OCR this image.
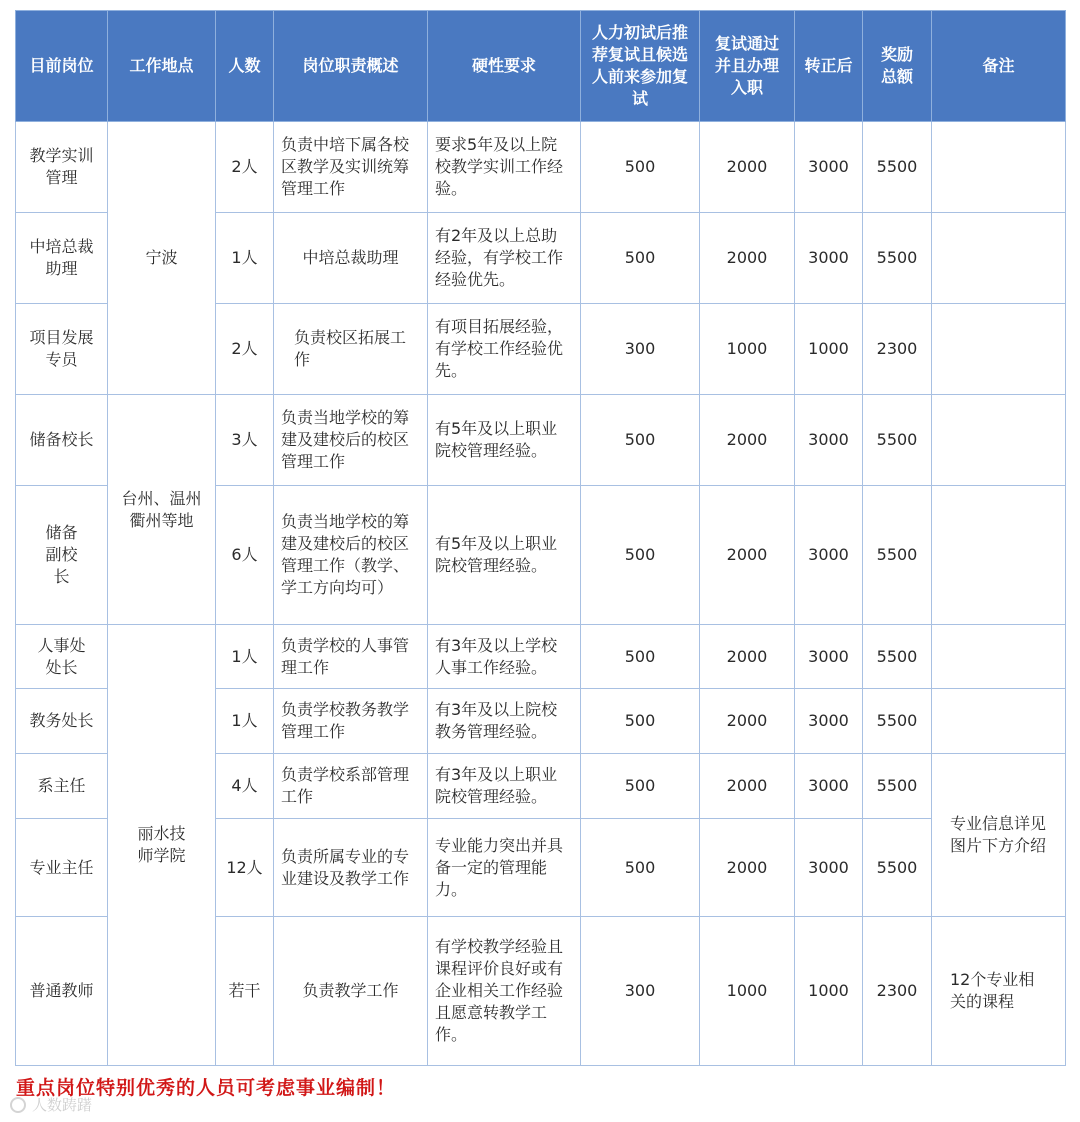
目前岗位	工作地点	人数	岗位职责概述	硬性要求	人力初试后推荐复试且候选人前来参加复试	复试通过并且办理入职	转正后	奖励总额	备注
教学实训管理	宁波	2人	负责中培下属各校区教学及实训统筹管理工作	要求5年及以上院校教学实训工作经验。	500	2000	3000	5500	
中培总裁助理		1人	中培总裁助理	有2年及以上总助经验，有学校工作经验优先。	500	2000	3000	5500	
项目发展专员		2人	负责校区拓展工作	有项目拓展经验，有学校工作经验优先。	300	1000	1000	2300	
储备校长	台州、温州衢州等地	3人	负责当地学校的筹建及建校后的校区管理工作	有5年及以上职业院校管理经验。	500	2000	3000	5500	
储备副校长		6人	负责当地学校的筹建及建校后的校区管理工作（教学、学工方向均可）	有5年及以上职业院校管理经验。	500	2000	3000	5500	
人事处处长	丽水技师学院	1人	负责学校的人事管理工作	有3年及以上学校人事工作经验。	500	2000	3000	5500	
教务处长		1人	负责学校教务教学管理工作	有3年及以上院校教务管理经验。	500	2000	3000	5500	
系主任		4人	负责学校系部管理工作	有3年及以上职业院校管理经验。	500	2000	3000	5500	专业信息详见图片下方介绍
专业主任		12人	负责所属专业的专业建设及教学工作	专业能力突出并具备一定的管理能力。	500	2000	3000	5500	
普通教师		若干	负责教学工作	有学校教学经验且课程评价良好或有企业相关工作经验且愿意转教学工作。	300	1000	1000	2300	12个专业相关的课程
重点岗位特别优秀的人员可考虑事业编制！
人数踌躇
